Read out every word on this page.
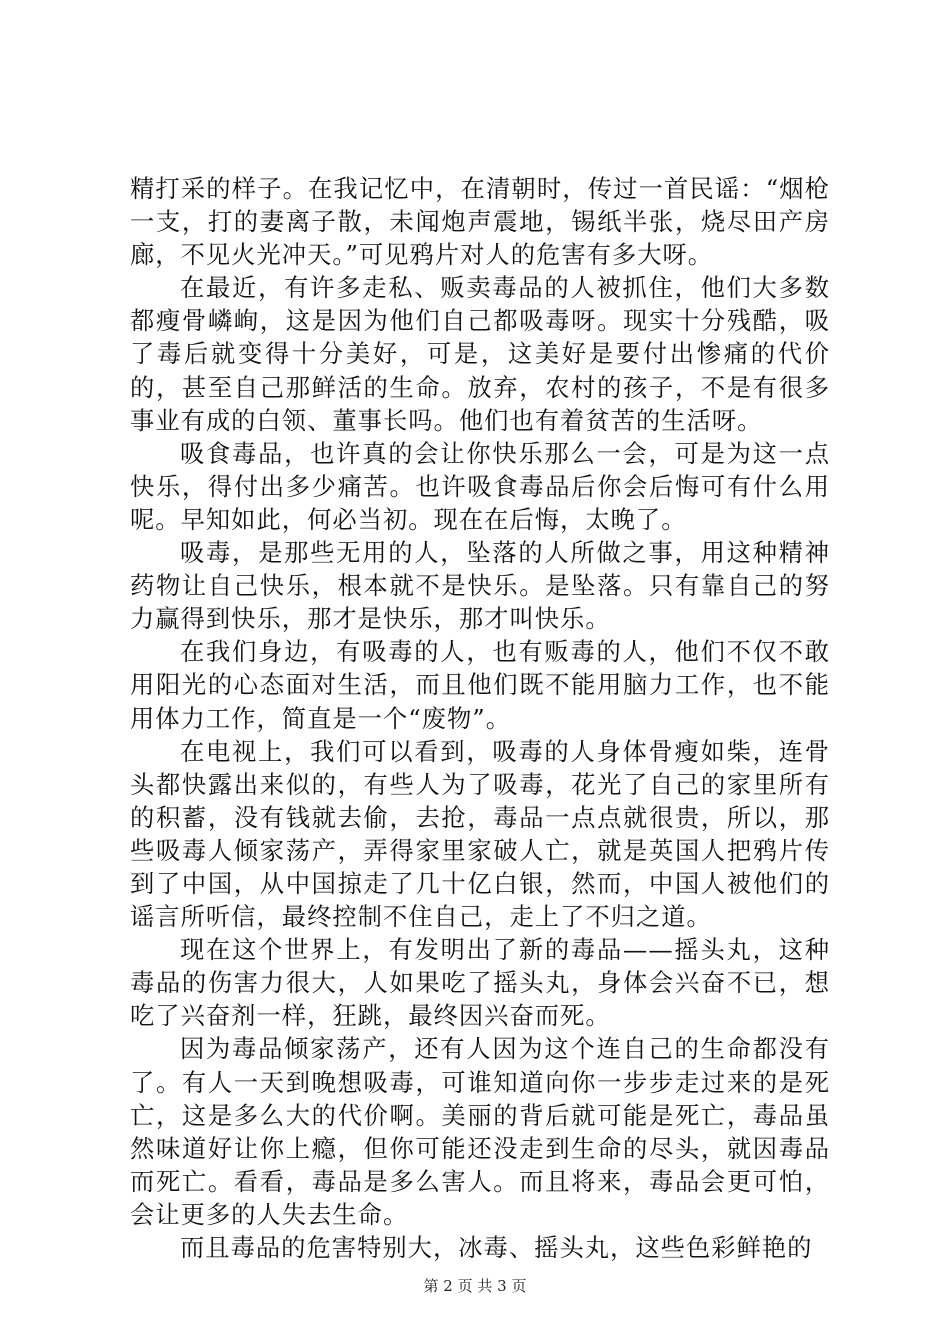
精打采的样子。在我记忆中，在清朝时，传过一首民谣：“烟枪一支，打的妻离子散，未闻炮声震地，锡纸半张，烧尽田产房廊，不见火光冲天。”可见鸦片对人的危害有多大呀。

在最近，有许多走私、贩卖毒品的人被抓住，他们大多数都瘦骨嶙峋，这是因为他们自己都吸毒呀。现实十分残酷，吸了毒后就变得十分美好，可是，这美好是要付出惨痛的代价的，甚至自己那鲜活的生命。放弃，农村的孩子，不是有很多事业有成的白领、董事长吗。他们也有着贫苦的生活呀。

吸食毒品，也许真的会让你快乐那么一会，可是为这一点快乐，得付出多少痛苦。也许吸食毒品后你会后悔可有什么用呢。早知如此，何必当初。现在在后悔，太晚了。

吸毒，是那些无用的人，坠落的人所做之事，用这种精神药物让自己快乐，根本就不是快乐。是坠落。只有靠自己的努力赢得到快乐，那才是快乐，那才叫快乐。

在我们身边，有吸毒的人，也有贩毒的人，他们不仅不敢用阳光的心态面对生活，而且他们既不能用脑力工作，也不能用体力工作，简直是一个“废物”。

在电视上，我们可以看到，吸毒的人身体骨瘦如柴，连骨头都快露出来似的，有些人为了吸毒，花光了自己的家里所有的积蓄，没有钱就去偷，去抢，毒品一点点就很贵，所以，那些吸毒人倾家荡产，弄得家里家破人亡，就是英国人把鸦片传到了中国，从中国掠走了几十亿白银，然而，中国人被他们的谣言所听信，最终控制不住自己，走上了不归之道。

现在这个世界上，有发明出了新的毒品——摇头丸，这种毒品的伤害力很大，人如果吃了摇头丸，身体会兴奋不已，想吃了兴奋剂一样，狂跳，最终因兴奋而死。

因为毒品倾家荡产，还有人因为这个连自己的生命都没有了。有人一天到晚想吸毒，可谁知道向你一步步走过来的是死亡，这是多么大的代价啊。美丽的背后就可能是死亡，毒品虽然味道好让你上瘾，但你可能还没走到生命的尽头，就因毒品而死亡。看看，毒品是多么害人。而且将来，毒品会更可怕，会让更多的人失去生命。

而且毒品的危害特别大，冰毒、摇头丸，这些色彩鲜艳的

第 2 页 共 3 页
